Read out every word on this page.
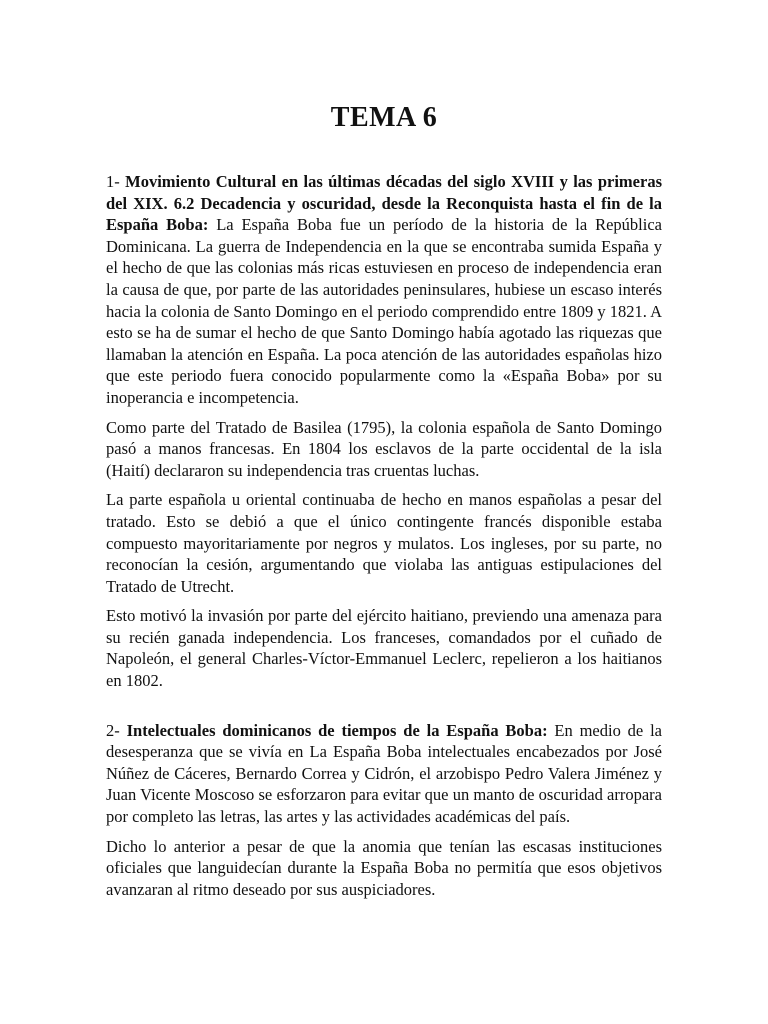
TEMA 6

1- Movimiento Cultural en las últimas décadas del siglo XVIII y las primeras del XIX. 6.2 Decadencia y oscuridad, desde la Reconquista hasta el fin de la España Boba: La España Boba fue un período de la historia de la República Dominicana. La guerra de Independencia en la que se encontraba sumida España y el hecho de que las colonias más ricas estuviesen en proceso de independencia eran la causa de que, por parte de las autoridades peninsulares, hubiese un escaso interés hacia la colonia de Santo Domingo en el periodo comprendido entre 1809 y 1821. A esto se ha de sumar el hecho de que Santo Domingo había agotado las riquezas que llamaban la atención en España. La poca atención de las autoridades españolas hizo que este periodo fuera conocido popularmente como la «España Boba» por su inoperancia e incompetencia.

Como parte del Tratado de Basilea (1795), la colonia española de Santo Domingo pasó a manos francesas. En 1804 los esclavos de la parte occidental de la isla (Haití) declararon su independencia tras cruentas luchas.

La parte española u oriental continuaba de hecho en manos españolas a pesar del tratado. Esto se debió a que el único contingente francés disponible estaba compuesto mayoritariamente por negros y mulatos. Los ingleses, por su parte, no reconocían la cesión, argumentando que violaba las antiguas estipulaciones del Tratado de Utrecht.

Esto motivó la invasión por parte del ejército haitiano, previendo una amenaza para su recién ganada independencia. Los franceses, comandados por el cuñado de Napoleón, el general Charles-Víctor-Emmanuel Leclerc, repelieron a los haitianos en 1802.

2- Intelectuales dominicanos de tiempos de la España Boba: En medio de la desesperanza que se vivía en La España Boba intelectuales encabezados por José Núñez de Cáceres, Bernardo Correa y Cidrón, el arzobispo Pedro Valera Jiménez y Juan Vicente Moscoso se esforzaron para evitar que un manto de oscuridad arropara por completo las letras, las artes y las actividades académicas del país.

Dicho lo anterior a pesar de que la anomia que tenían las escasas instituciones oficiales que languidecían durante la España Boba no permitía que esos objetivos avanzaran al ritmo deseado por sus auspiciadores.
